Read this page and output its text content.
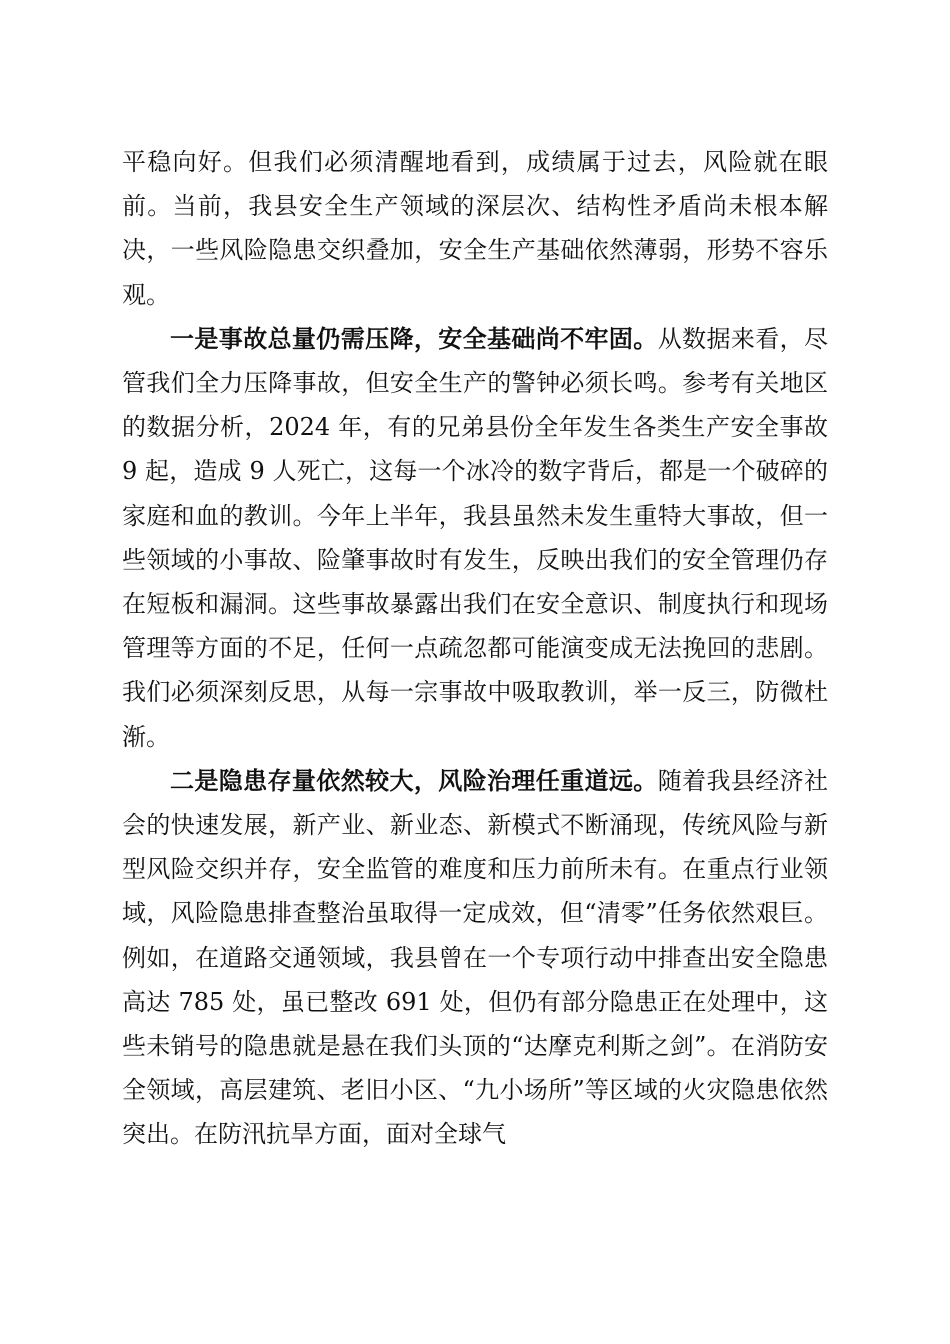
平稳向好。但我们必须清醒地看到，成绩属于过去，风险就在眼前。当前，我县安全生产领域的深层次、结构性矛盾尚未根本解决，一些风险隐患交织叠加，安全生产基础依然薄弱，形势不容乐观。

一是事故总量仍需压降，安全基础尚不牢固。从数据来看，尽管我们全力压降事故，但安全生产的警钟必须长鸣。参考有关地区的数据分析，2024 年，有的兄弟县份全年发生各类生产安全事故 9 起，造成 9 人死亡，这每一个冰冷的数字背后，都是一个破碎的家庭和血的教训。今年上半年，我县虽然未发生重特大事故，但一些领域的小事故、险肇事故时有发生，反映出我们的安全管理仍存在短板和漏洞。这些事故暴露出我们在安全意识、制度执行和现场管理等方面的不足，任何一点疏忽都可能演变成无法挽回的悲剧。我们必须深刻反思，从每一宗事故中吸取教训，举一反三，防微杜渐。

二是隐患存量依然较大，风险治理任重道远。随着我县经济社会的快速发展，新产业、新业态、新模式不断涌现，传统风险与新型风险交织并存，安全监管的难度和压力前所未有。在重点行业领域，风险隐患排查整治虽取得一定成效，但“清零”任务依然艰巨。例如，在道路交通领域，我县曾在一个专项行动中排查出安全隐患高达 785 处，虽已整改 691 处，但仍有部分隐患正在处理中，这些未销号的隐患就是悬在我们头顶的“达摩克利斯之剑”。在消防安全领域，高层建筑、老旧小区、“九小场所”等区域的火灾隐患依然突出。在防汛抗旱方面，面对全球气
